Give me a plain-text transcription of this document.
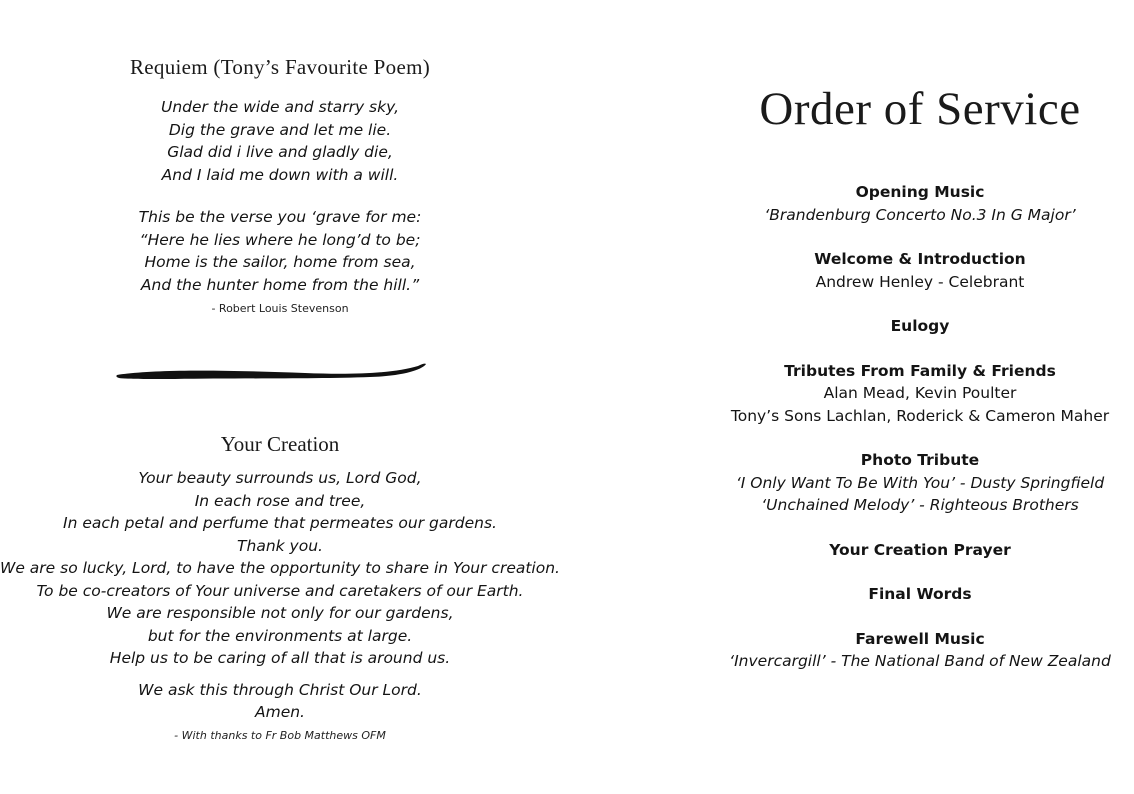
Requiem (Tony’s Favourite Poem)
Under the wide and starry sky,
Dig the grave and let me lie.
Glad did i live and gladly die,
And I laid me down with a will.
This be the verse you ‘grave for me:
“Here he lies where he long’d to be;
Home is the sailor, home from sea,
And the hunter home from the hill.”
- Robert Louis Stevenson
Your Creation
Your beauty surrounds us, Lord God,
In each rose and tree,
In each petal and perfume that permeates our gardens.
Thank you.
We are so lucky, Lord, to have the opportunity to share in Your creation.
To be co-creators of Your universe and caretakers of our Earth.
We are responsible not only for our gardens,
but for the environments at large.
Help us to be caring of all that is around us.
We ask this through Christ Our Lord.
Amen.
- With thanks to Fr Bob Matthews OFM
Order of Service
Opening Music
‘Brandenburg Concerto No.3 In G Major’
Welcome & Introduction
Andrew Henley - Celebrant
Eulogy
Tributes From Family & Friends
Alan Mead, Kevin Poulter
Tony’s Sons Lachlan, Roderick & Cameron Maher
Photo Tribute
‘I Only Want To Be With You’ - Dusty Springfield
‘Unchained Melody’ - Righteous Brothers
Your Creation Prayer
Final Words
Farewell Music
‘Invercargill’ - The National Band of New Zealand
